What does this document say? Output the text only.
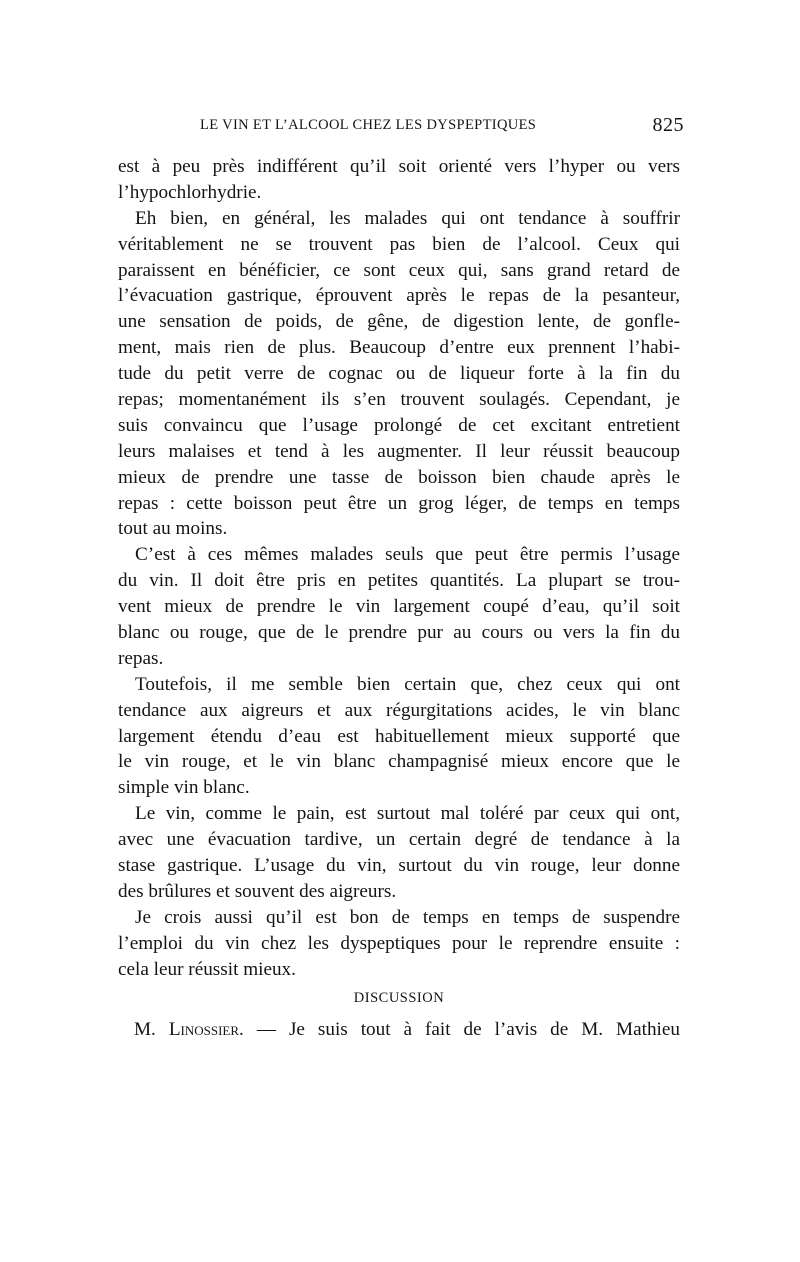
LE VIN ET L’ALCOOL CHEZ LES DYSPEPTIQUES	825
est à peu près indifférent qu’il soit orienté vers l’hyper ou vers
l’hypochlorhydrie.
Eh bien, en général, les malades qui ont tendance à souffrir
véritablement ne se trouvent pas bien de l’alcool. Ceux qui
paraissent en bénéficier, ce sont ceux qui, sans grand retard de
l’évacuation gastrique, éprouvent après le repas de la pesanteur,
une sensation de poids, de gêne, de digestion lente, de gonfle-
ment, mais rien de plus. Beaucoup d’entre eux prennent l’habi-
tude du petit verre de cognac ou de liqueur forte à la fin du
repas; momentanément ils s’en trouvent soulagés. Cependant, je
suis convaincu que l’usage prolongé de cet excitant entretient
leurs malaises et tend à les augmenter. Il leur réussit beaucoup
mieux de prendre une tasse de boisson bien chaude après le
repas : cette boisson peut être un grog léger, de temps en temps
tout au moins.
C’est à ces mêmes malades seuls que peut être permis l’usage
du vin. Il doit être pris en petites quantités. La plupart se trou-
vent mieux de prendre le vin largement coupé d’eau, qu’il soit
blanc ou rouge, que de le prendre pur au cours ou vers la fin du
repas.
Toutefois, il me semble bien certain que, chez ceux qui ont
tendance aux aigreurs et aux régurgitations acides, le vin blanc
largement étendu d’eau est habituellement mieux supporté que
le vin rouge, et le vin blanc champagnisé mieux encore que le
simple vin blanc.
Le vin, comme le pain, est surtout mal toléré par ceux qui ont,
avec une évacuation tardive, un certain degré de tendance à la
stase gastrique. L’usage du vin, surtout du vin rouge, leur donne
des brûlures et souvent des aigreurs.
Je crois aussi qu’il est bon de temps en temps de suspendre
l’emploi du vin chez les dyspeptiques pour le reprendre ensuite :
cela leur réussit mieux.
DISCUSSION
M. Linossier. — Je suis tout à fait de l’avis de M. Mathieu
